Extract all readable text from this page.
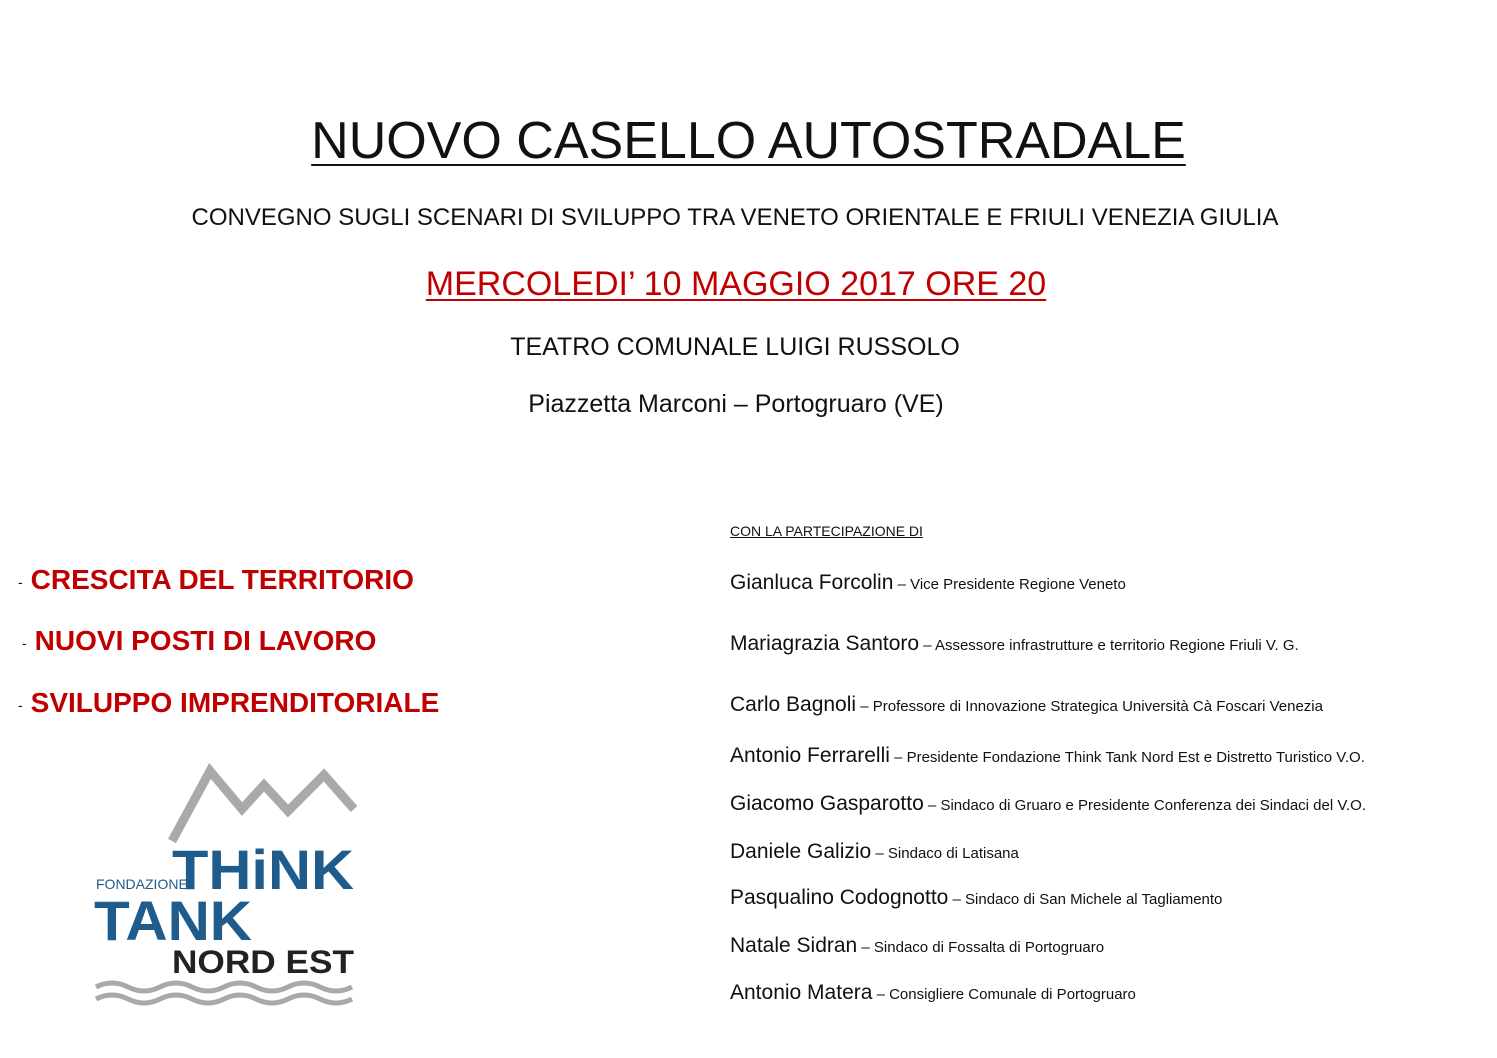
NUOVO CASELLO AUTOSTRADALE
CONVEGNO SUGLI SCENARI DI SVILUPPO TRA VENETO ORIENTALE E FRIULI VENEZIA GIULIA
MERCOLEDI’ 10 MAGGIO 2017 ORE 20
TEATRO COMUNALE LUIGI RUSSOLO
Piazzetta Marconi – Portogruaro (VE)
- CRESCITA DEL TERRITORIO
- NUOVI POSTI DI LAVORO
- SVILUPPO IMPRENDITORIALE
CON LA PARTECIPAZIONE DI
Gianluca Forcolin – Vice Presidente Regione Veneto
Mariagrazia Santoro – Assessore infrastrutture e territorio Regione Friuli V. G.
Carlo Bagnoli – Professore di Innovazione Strategica Università Cà Foscari Venezia
Antonio Ferrarelli – Presidente Fondazione Think Tank Nord Est e Distretto Turistico V.O.
Giacomo Gasparotto – Sindaco di Gruaro e Presidente Conferenza dei Sindaci del V.O.
Daniele Galizio – Sindaco di Latisana
Pasqualino Codognotto – Sindaco di San Michele al Tagliamento
Natale Sidran – Sindaco di Fossalta di Portogruaro
Antonio Matera – Consigliere Comunale di Portogruaro
FONDAZIONE
THiNK
TANK
NORD EST
